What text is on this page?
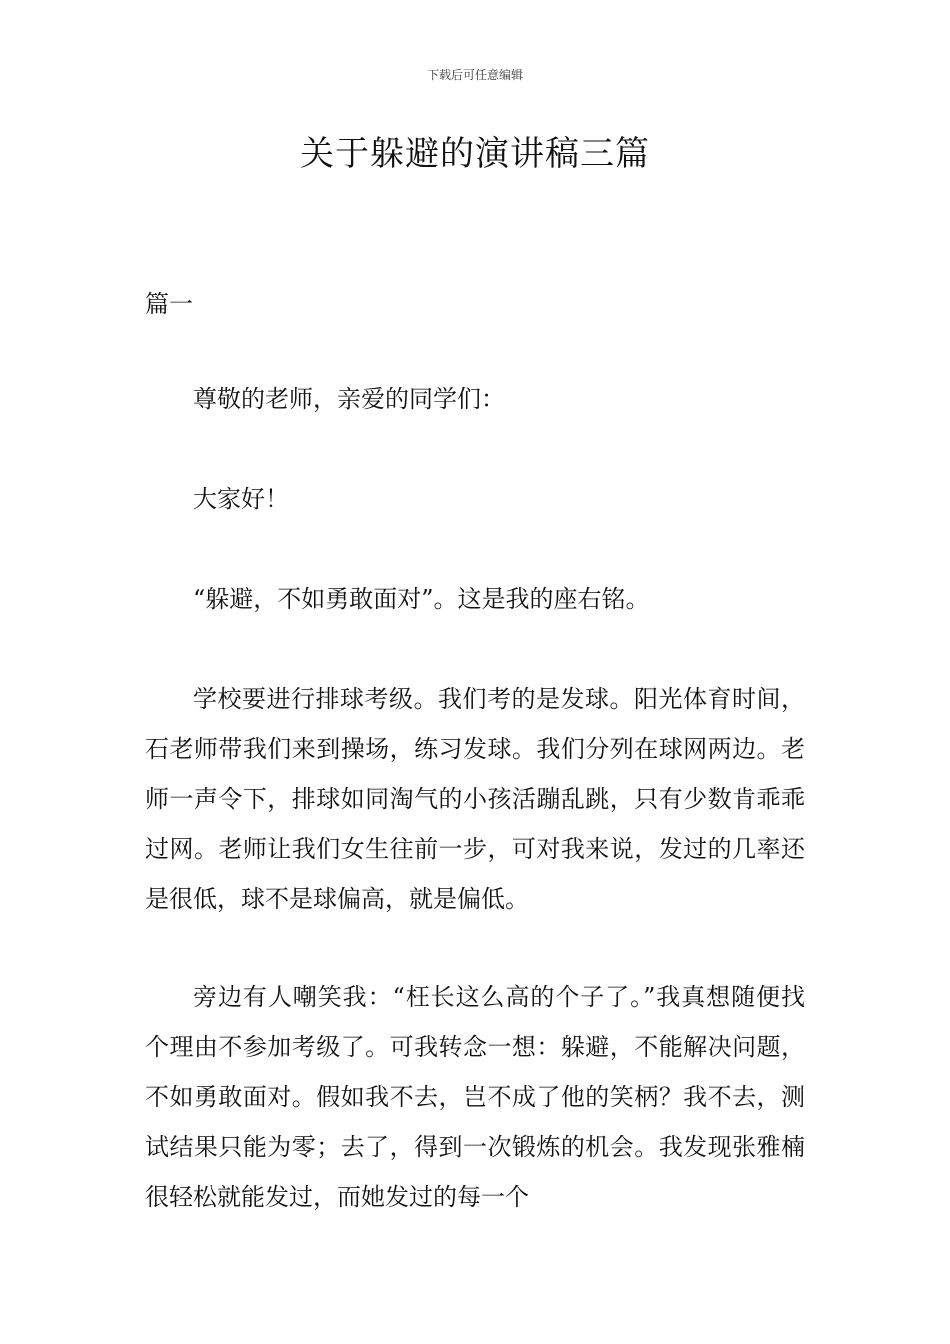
下载后可任意编辑
关于躲避的演讲稿三篇
篇一

尊敬的老师，亲爱的同学们：

大家好！

“躲避，不如勇敢面对”。这是我的座右铭。

学校要进行排球考级。我们考的是发球。阳光体育时间，石老师带我们来到操场，练习发球。我们分列在球网两边。老师一声令下，排球如同淘气的小孩活蹦乱跳，只有少数肯乖乖过网。老师让我们女生往前一步，可对我来说，发过的几率还是很低，球不是球偏高，就是偏低。

旁边有人嘲笑我：“枉长这么高的个子了。”我真想随便找个理由不参加考级了。可我转念一想：躲避，不能解决问题，不如勇敢面对。假如我不去，岂不成了他的笑柄？我不去，测试结果只能为零；去了，得到一次锻炼的机会。我发现张雅楠很轻松就能发过，而她发过的每一个
